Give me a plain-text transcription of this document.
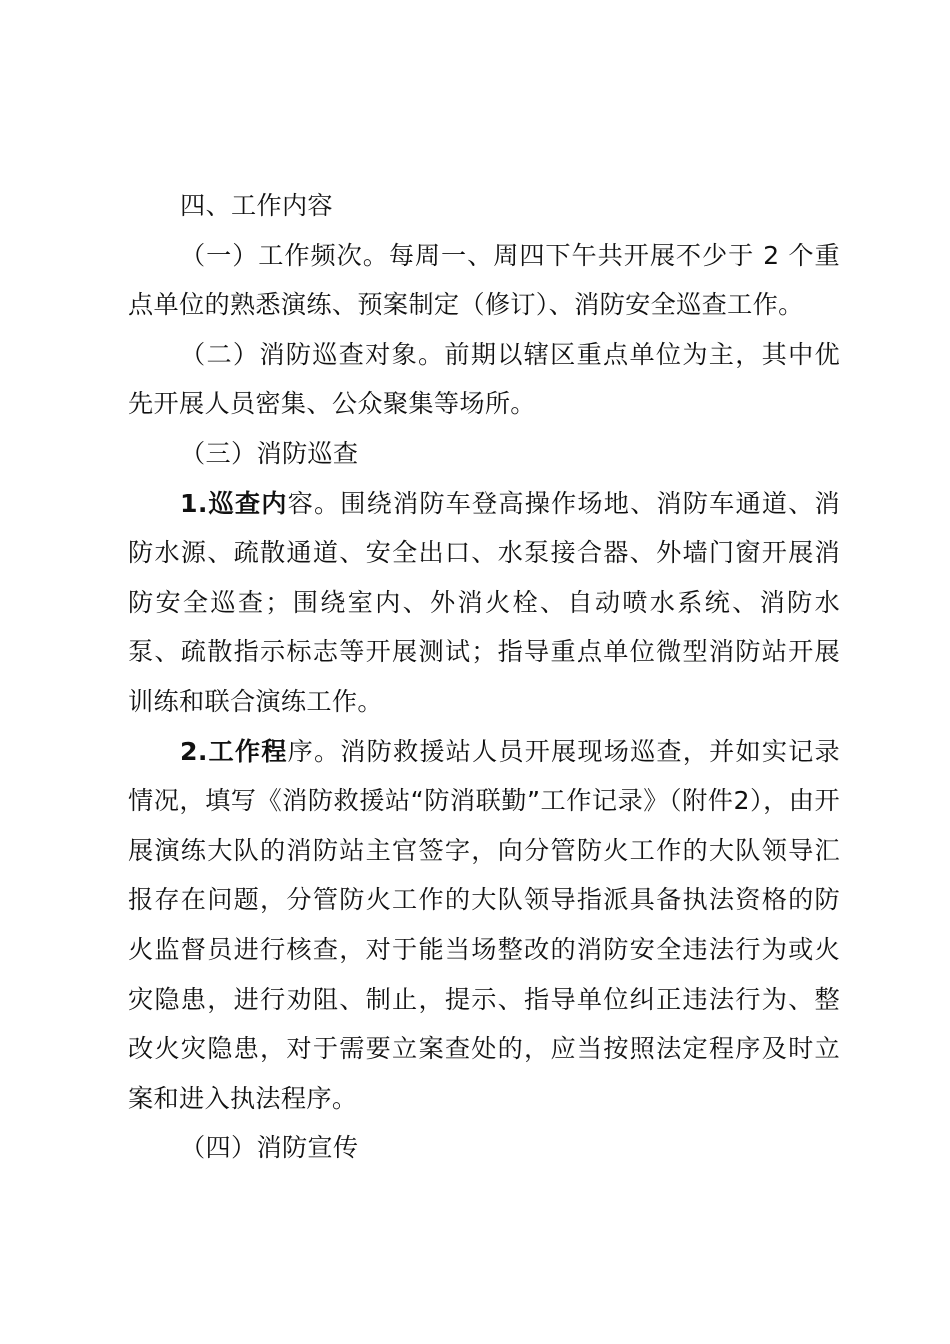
四、工作内容

（一）工作频次。每周一、周四下午共开展不少于 2 个重点单位的熟悉演练、预案制定（修订）、消防安全巡查工作。

（二）消防巡查对象。前期以辖区重点单位为主，其中优先开展人员密集、公众聚集等场所。

（三）消防巡查

1.巡查内容。围绕消防车登高操作场地、消防车通道、消防水源、疏散通道、安全出口、水泵接合器、外墙门窗开展消防安全巡查；围绕室内、外消火栓、自动喷水系统、消防水泵、疏散指示标志等开展测试；指导重点单位微型消防站开展训练和联合演练工作。

2.工作程序。消防救援站人员开展现场巡查，并如实记录情况，填写《消防救援站“防消联勤”工作记录》（附件2），由开展演练大队的消防站主官签字，向分管防火工作的大队领导汇报存在问题，分管防火工作的大队领导指派具备执法资格的防火监督员进行核查，对于能当场整改的消防安全违法行为或火灾隐患，进行劝阻、制止，提示、指导单位纠正违法行为、整改火灾隐患，对于需要立案查处的，应当按照法定程序及时立案和进入执法程序。

（四）消防宣传
